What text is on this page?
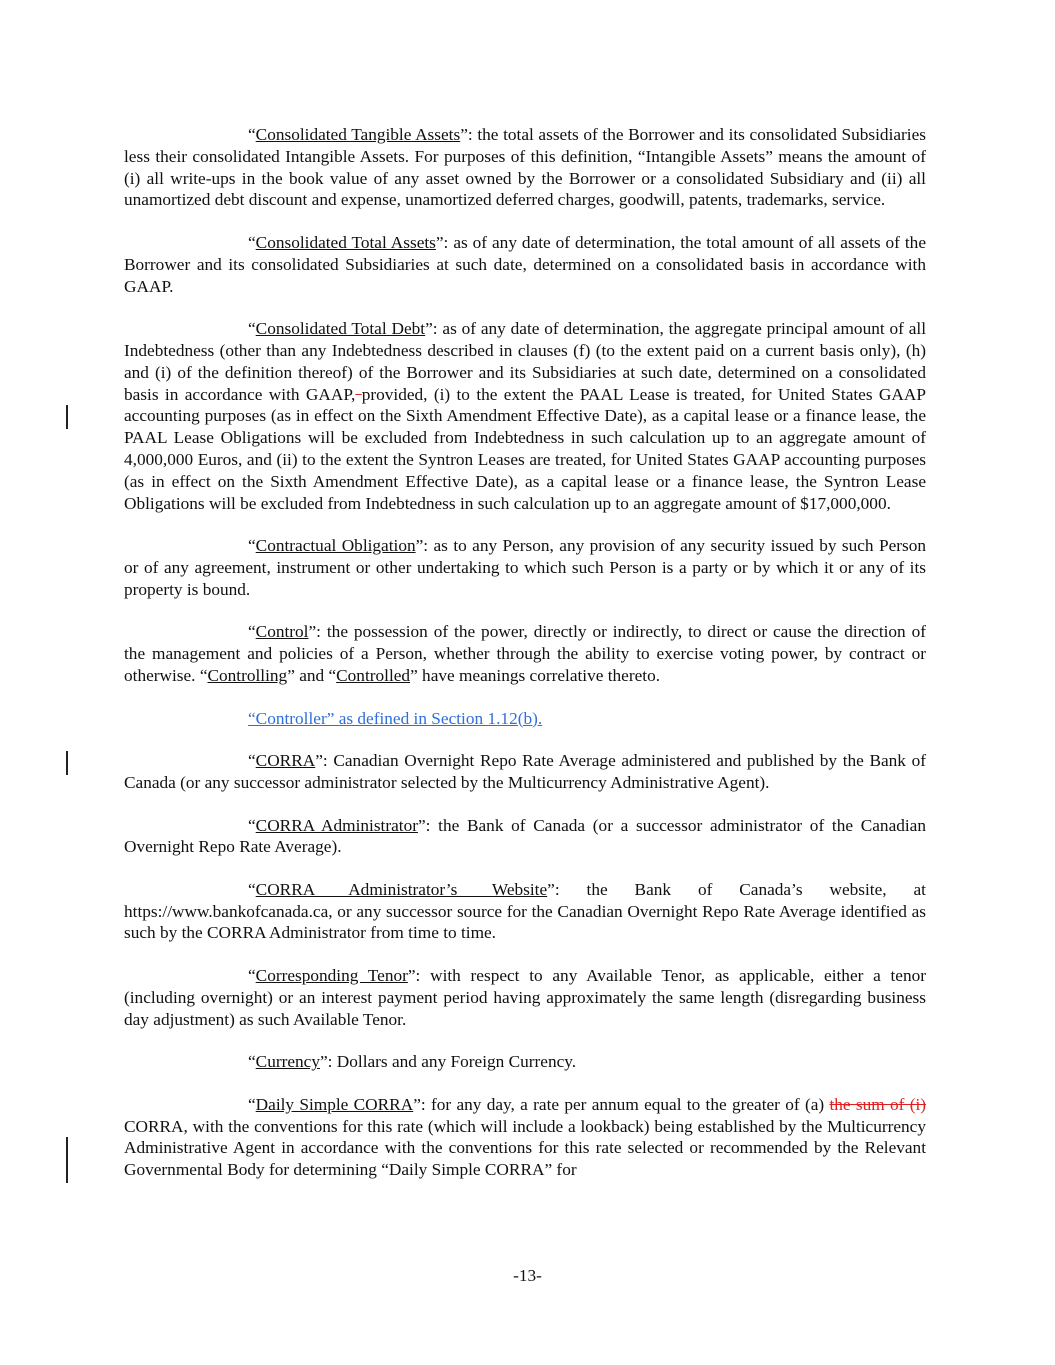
“Consolidated Tangible Assets”: the total assets of the Borrower and its consolidated Subsidiaries less their consolidated Intangible Assets. For purposes of this definition, “Intangible Assets” means the amount of (i) all write-ups in the book value of any asset owned by the Borrower or a consolidated Subsidiary and (ii) all unamortized debt discount and expense, unamortized deferred charges, goodwill, patents, trademarks, service.

“Consolidated Total Assets”: as of any date of determination, the total amount of all assets of the Borrower and its consolidated Subsidiaries at such date, determined on a consolidated basis in accordance with GAAP.

“Consolidated Total Debt”: as of any date of determination, the aggregate principal amount of all Indebtedness (other than any Indebtedness described in clauses (f) (to the extent paid on a current basis only), (h) and (i) of the definition thereof) of the Borrower and its Subsidiaries at such date, determined on a consolidated basis in accordance with GAAP, provided, (i) to the extent the PAAL Lease is treated, for United States GAAP accounting purposes (as in effect on the Sixth Amendment Effective Date), as a capital lease or a finance lease, the PAAL Lease Obligations will be excluded from Indebtedness in such calculation up to an aggregate amount of 4,000,000 Euros, and (ii) to the extent the Syntron Leases are treated, for United States GAAP accounting purposes (as in effect on the Sixth Amendment Effective Date), as a capital lease or a finance lease, the Syntron Lease Obligations will be excluded from Indebtedness in such calculation up to an aggregate amount of $17,000,000.

“Contractual Obligation”: as to any Person, any provision of any security issued by such Person or of any agreement, instrument or other undertaking to which such Person is a party or by which it or any of its property is bound.

“Control”: the possession of the power, directly or indirectly, to direct or cause the direction of the management and policies of a Person, whether through the ability to exercise voting power, by contract or otherwise. “Controlling” and “Controlled” have meanings correlative thereto.

“Controller” as defined in Section 1.12(b).

“CORRA”: Canadian Overnight Repo Rate Average administered and published by the Bank of Canada (or any successor administrator selected by the Multicurrency Administrative Agent).

“CORRA Administrator”: the Bank of Canada (or a successor administrator of the Canadian Overnight Repo Rate Average).

“CORRA Administrator’s Website”: the Bank of Canada’s website, at https://www.bankofcanada.ca, or any successor source for the Canadian Overnight Repo Rate Average identified as such by the CORRA Administrator from time to time.

“Corresponding Tenor”: with respect to any Available Tenor, as applicable, either a tenor (including overnight) or an interest payment period having approximately the same length (disregarding business day adjustment) as such Available Tenor.

“Currency”: Dollars and any Foreign Currency.

“Daily Simple CORRA”: for any day, a rate per annum equal to the greater of (a) the sum of (i) CORRA, with the conventions for this rate (which will include a lookback) being established by the Multicurrency Administrative Agent in accordance with the conventions for this rate selected or recommended by the Relevant Governmental Body for determining “Daily Simple CORRA” for

-13-
